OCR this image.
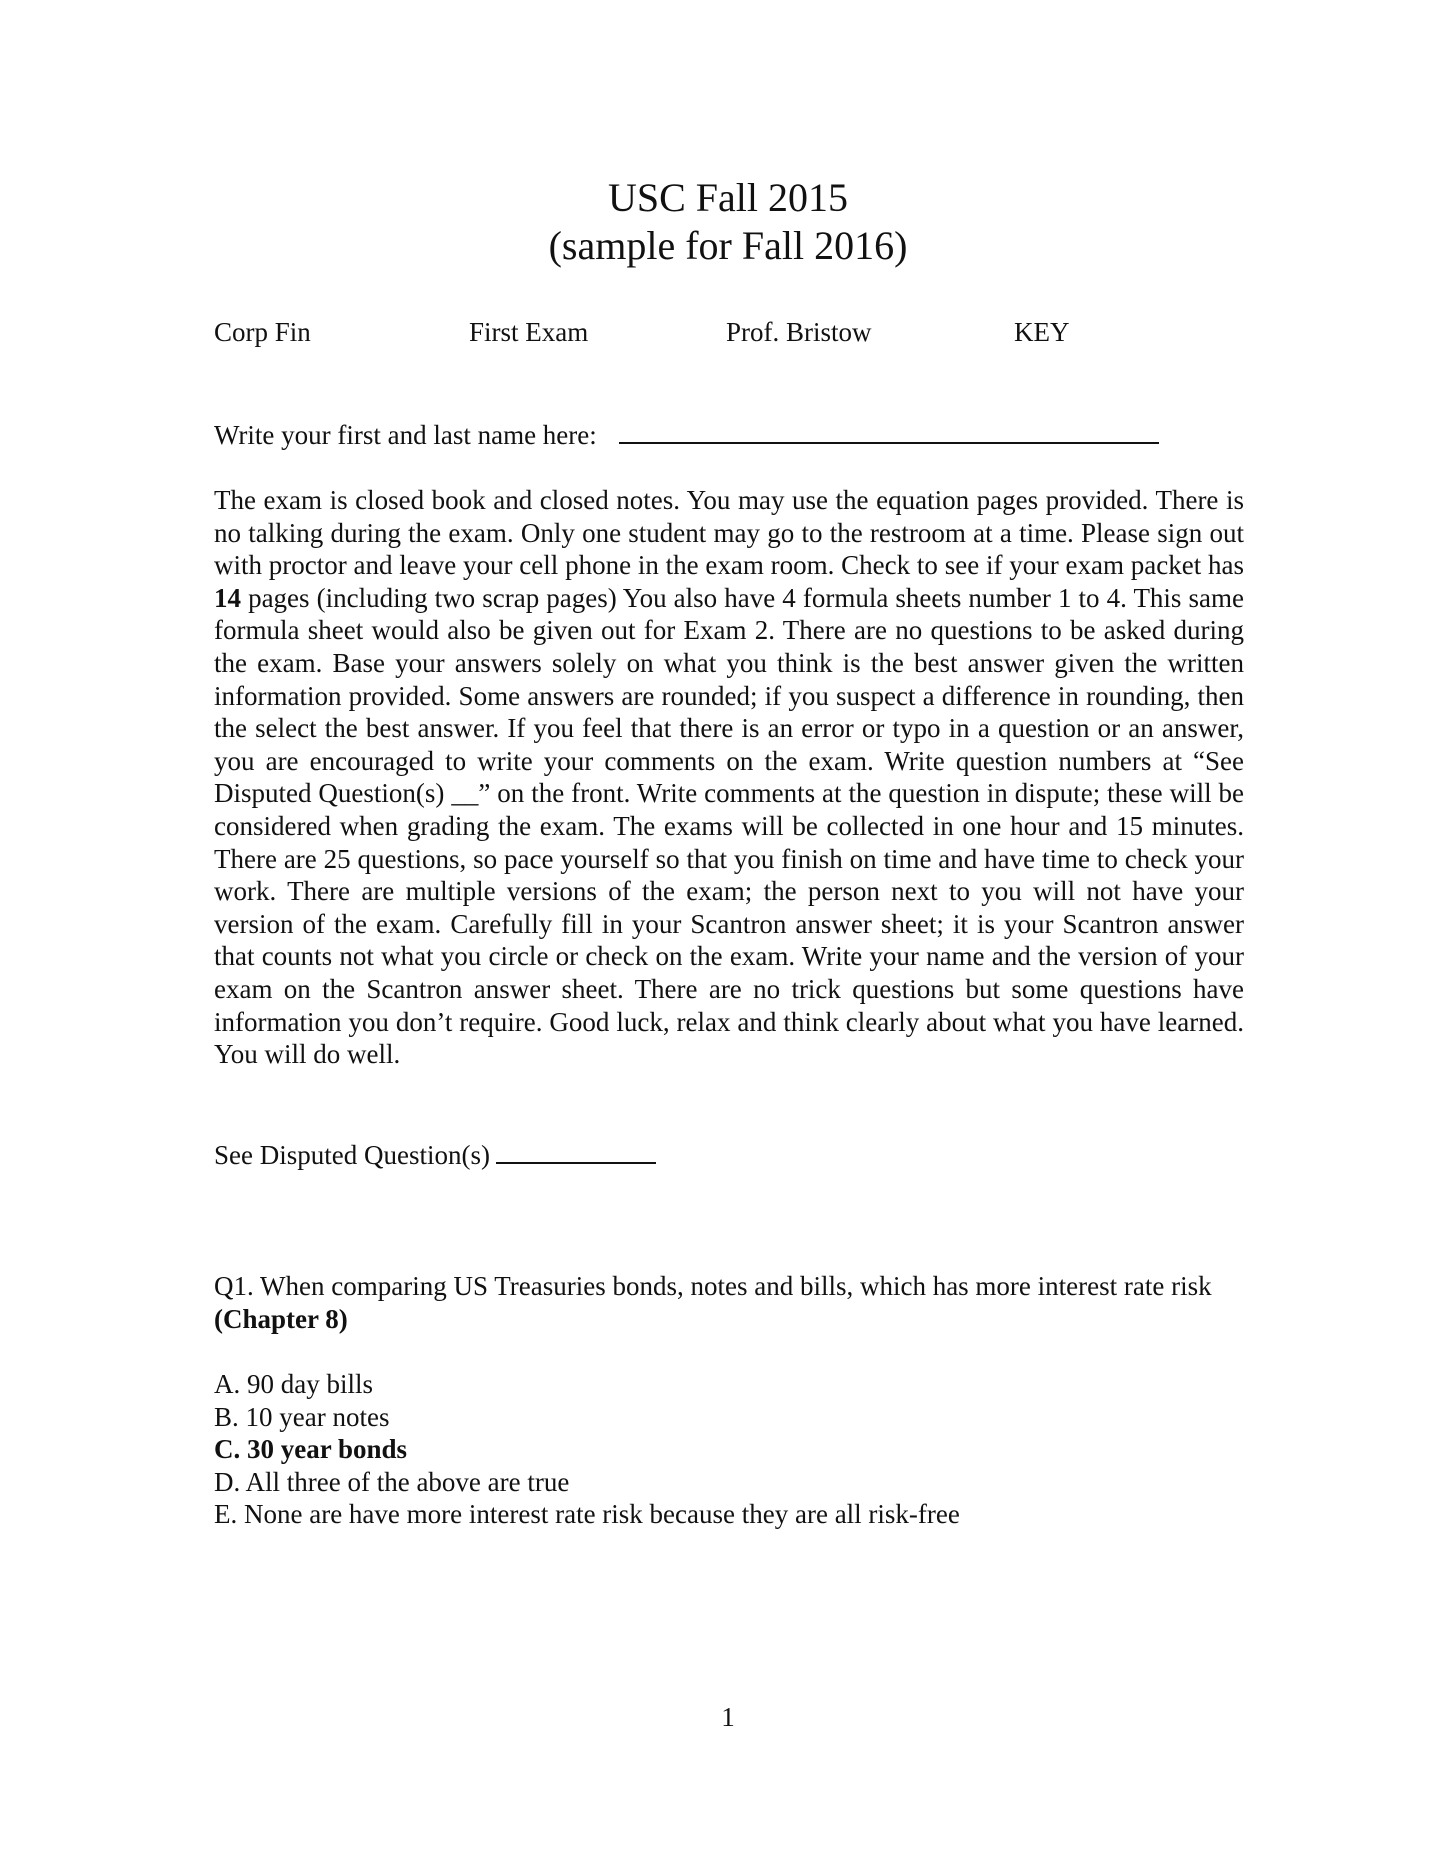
USC Fall 2015
(sample for Fall 2016)
Corp Fin	First Exam	Prof. Bristow	KEY
Write your first and last name here:

The exam is closed book and closed notes. You may use the equation pages provided. There is no talking during the exam. Only one student may go to the restroom at a time. Please sign out with proctor and leave your cell phone in the exam room. Check to see if your exam packet has 14 pages (including two scrap pages) You also have 4 formula sheets number 1 to 4. This same formula sheet would also be given out for Exam 2. There are no questions to be asked during the exam. Base your answers solely on what you think is the best answer given the written information provided. Some answers are rounded; if you suspect a difference in rounding, then the select the best answer. If you feel that there is an error or typo in a question or an answer, you are encouraged to write your comments on the exam. Write question numbers at “See Disputed Question(s) __” on the front. Write comments at the question in dispute; these will be considered when grading the exam. The exams will be collected in one hour and 15 minutes. There are 25 questions, so pace yourself so that you finish on time and have time to check your work. There are multiple versions of the exam; the person next to you will not have your version of the exam. Carefully fill in your Scantron answer sheet; it is your Scantron answer that counts not what you circle or check on the exam. Write your name and the version of your exam on the Scantron answer sheet. There are no trick questions but some questions have information you don’t require. Good luck, relax and think clearly about what you have learned. You will do well.

See Disputed Question(s)

Q1. When comparing US Treasuries bonds, notes and bills, which has more interest rate risk (Chapter 8)

A. 90 day bills
B. 10 year notes
C. 30 year bonds
D. All three of the above are true
E. None are have more interest rate risk because they are all risk-free
1
